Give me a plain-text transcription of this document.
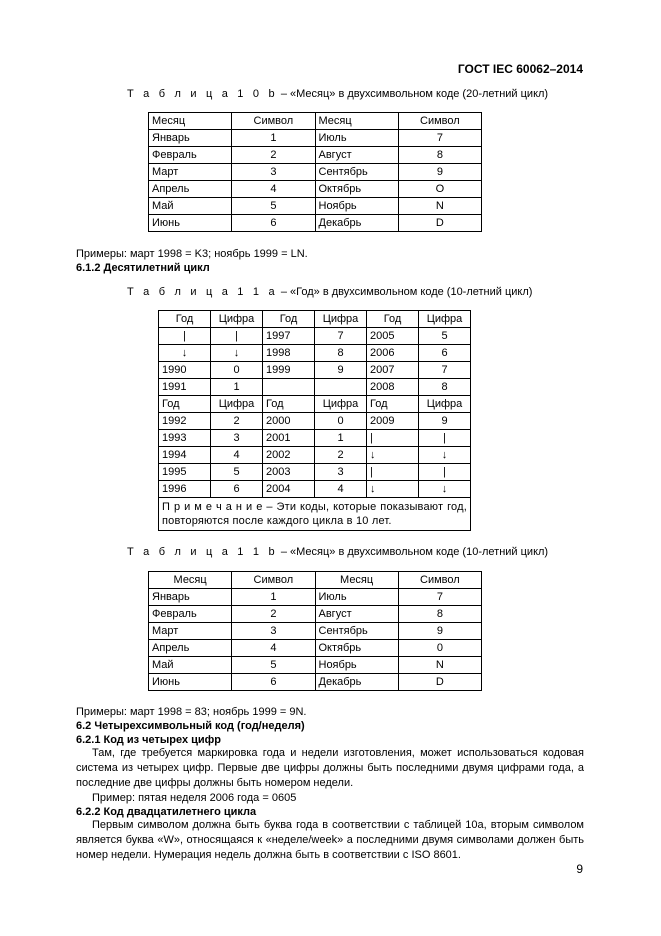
ГОСТ IEC 60062–2014
Т а б л и ц а 1 0 b – «Месяц» в двухсимвольном коде (20-летний цикл)
Месяц	Символ	Месяц	Символ
Январь	1	Июль	7
Февраль	2	Август	8
Март	3	Сентябрь	9
Апрель	4	Октябрь	O
Май	5	Ноябрь	N
Июнь	6	Декабрь	D
Примеры: март 1998 = K3; ноябрь 1999 = LN.
6.1.2 Десятилетний цикл
Т а б л и ц а 1 1 а – «Год» в двухсимвольном коде (10-летний цикл)
Год	Цифра	Год	Цифра	Год	Цифра
|	|	1997	7	2005	5
↓	↓	1998	8	2006	6
1990	0	1999	9	2007	7
1991	1			2008	8
Год	Цифра	Год	Цифра	Год	Цифра
1992	2	2000	0	2009	9
1993	3	2001	1	|	|
1994	4	2002	2	↓	↓
1995	5	2003	3	|	|
1996	6	2004	4	↓	↓
П р и м е ч а н и е – Эти коды, которые показывают год, повторяются после каждого цикла в 10 лет.					
Т а б л и ц а 1 1 b – «Месяц» в двухсимвольном коде (10-летний цикл)
Месяц	Символ	Месяц	Символ
Январь	1	Июль	7
Февраль	2	Август	8
Март	3	Сентябрь	9
Апрель	4	Октябрь	0
Май	5	Ноябрь	N
Июнь	6	Декабрь	D
Примеры: март 1998 = 83; ноябрь 1999 = 9N.
6.2 Четырехсимвольный код (год/неделя)
6.2.1 Код из четырех цифр
Там, где требуется маркировка года и недели изготовления, может использоваться кодовая система из четырех цифр. Первые две цифры должны быть последними двумя цифрами года, а последние две цифры должны быть номером недели.
Пример: пятая неделя 2006 года = 0605
6.2.2 Код двадцатилетнего цикла
Первым символом должна быть буква года в соответствии с таблицей 10а, вторым символом является буква «W», относящаяся к «неделе/week» а последними двумя символами должен быть номер недели. Нумерация недель должна быть в соответствии с ISO 8601.
9
